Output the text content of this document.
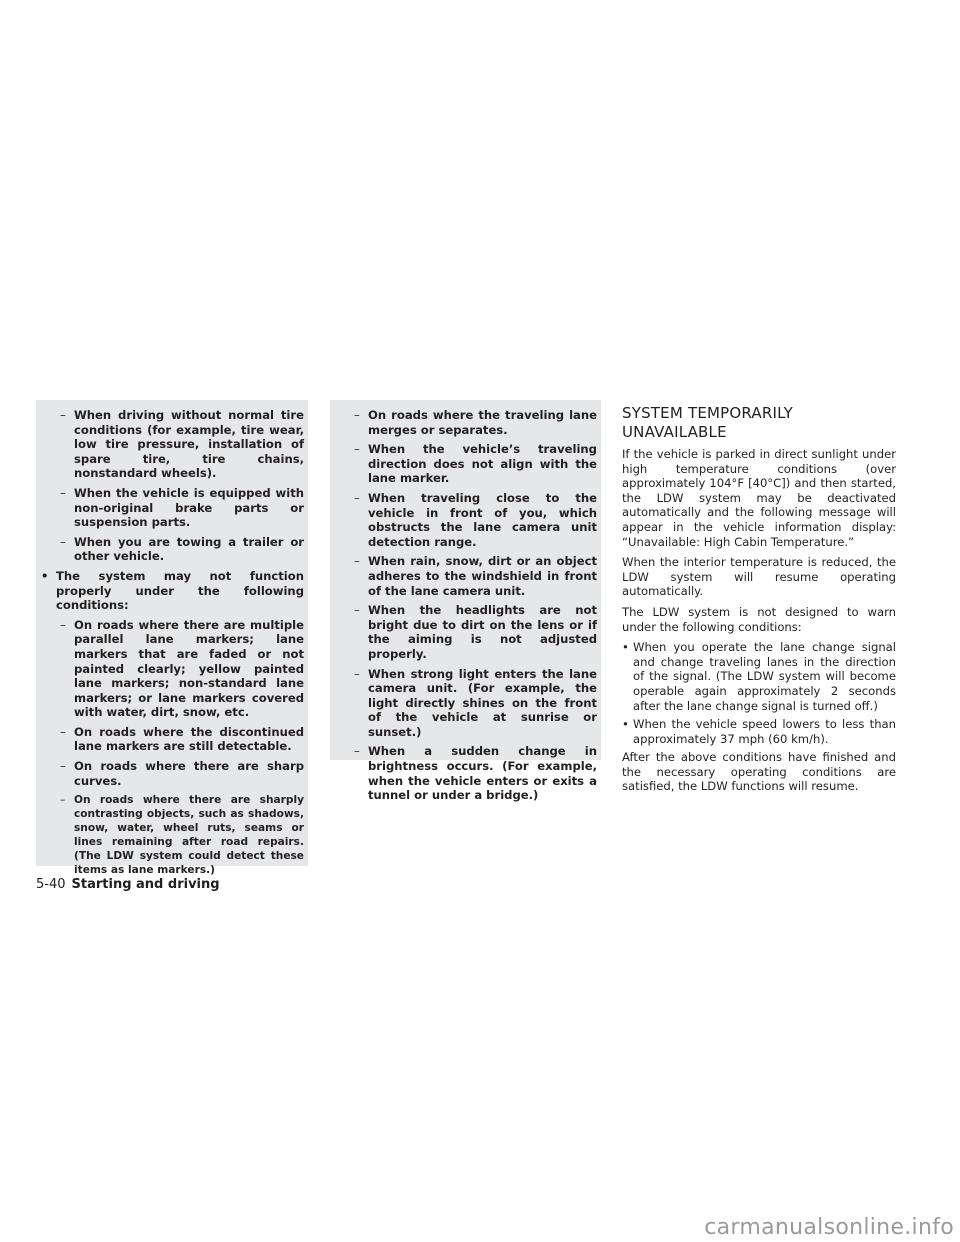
– When driving without normal tire conditions (for example, tire wear, low tire pressure, installation of spare tire, tire chains, nonstandard wheels).
– When the vehicle is equipped with non-original brake parts or suspension parts.
– When you are towing a trailer or other vehicle.
• The system may not function properly under the following conditions:
– On roads where there are multiple parallel lane markers; lane markers that are faded or not painted clearly; yellow painted lane markers; non-standard lane markers; or lane markers covered with water, dirt, snow, etc.
– On roads where the discontinued lane markers are still detectable.
– On roads where there are sharp curves.
– On roads where there are sharply contrasting objects, such as shadows, snow, water, wheel ruts, seams or lines remaining after road repairs. (The LDW system could detect these items as lane markers.)
– On roads where the traveling lane merges or separates.
– When the vehicle’s traveling direction does not align with the lane marker.
– When traveling close to the vehicle in front of you, which obstructs the lane camera unit detection range.
– When rain, snow, dirt or an object adheres to the windshield in front of the lane camera unit.
– When the headlights are not bright due to dirt on the lens or if the aiming is not adjusted properly.
– When strong light enters the lane camera unit. (For example, the light directly shines on the front of the vehicle at sunrise or sunset.)
– When a sudden change in brightness occurs. (For example, when the vehicle enters or exits a tunnel or under a bridge.)
SYSTEM TEMPORARILY
UNAVAILABLE

If the vehicle is parked in direct sunlight under high temperature conditions (over approximately 104°F [40°C]) and then started, the LDW system may be deactivated automatically and the following message will appear in the vehicle information display: “Unavailable: High Cabin Temperature.”

When the interior temperature is reduced, the LDW system will resume operating automatically.

The LDW system is not designed to warn under the following conditions:

• When you operate the lane change signal and change traveling lanes in the direction of the signal. (The LDW system will become operable again approximately 2 seconds after the lane change signal is turned off.)
• When the vehicle speed lowers to less than approximately 37 mph (60 km/h).

After the above conditions have finished and the necessary operating conditions are satisfied, the LDW functions will resume.

5-40 Starting and driving
carmanualsonline.info
